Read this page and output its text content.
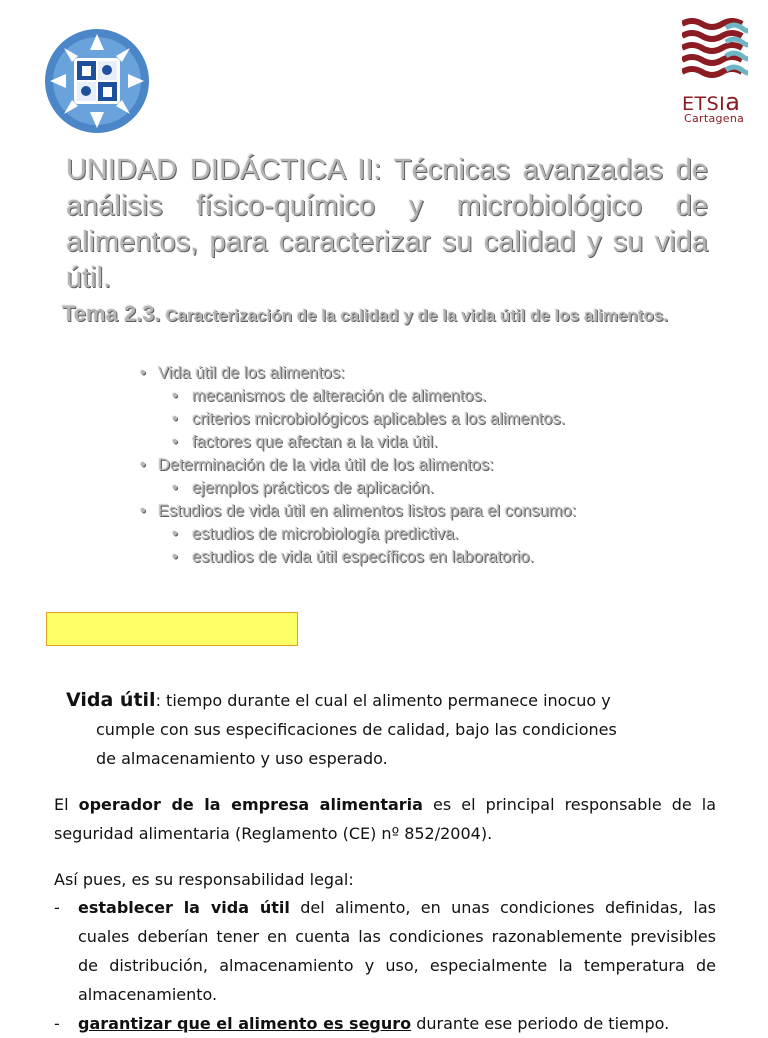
ETSIa
Cartagena
UNIDAD DIDÁCTICA II: Técnicas avanzadas de análisis físico-químico y microbiológico de alimentos, para caracterizar su calidad y su vida útil.
Tema 2.3. Caracterización de la calidad y de la vida útil de los alimentos.
• Vida útil de los alimentos:
• mecanismos de alteración de alimentos.
• criterios microbiológicos aplicables a los alimentos.
• factores que afectan a la vida útil.
• Determinación de la vida útil de los alimentos:
• ejemplos prácticos de aplicación.
• Estudios de vida útil en alimentos listos para el consumo:
• estudios de microbiología predictiva.
• estudios de vida útil específicos en laboratorio.
Vida útil: tiempo durante el cual el alimento permanece inocuo y
cumple con sus especificaciones de calidad, bajo las condiciones
de almacenamiento y uso esperado.
El operador de la empresa alimentaria es el principal responsable de la seguridad alimentaria (Reglamento (CE) nº 852/2004).
Así pues, es su responsabilidad legal:
- establecer la vida útil del alimento, en unas condiciones definidas, las cuales deberían tener en cuenta las condiciones razonablemente previsibles de distribución, almacenamiento y uso, especialmente la temperatura de almacenamiento.
- garantizar que el alimento es seguro durante ese periodo de tiempo.
